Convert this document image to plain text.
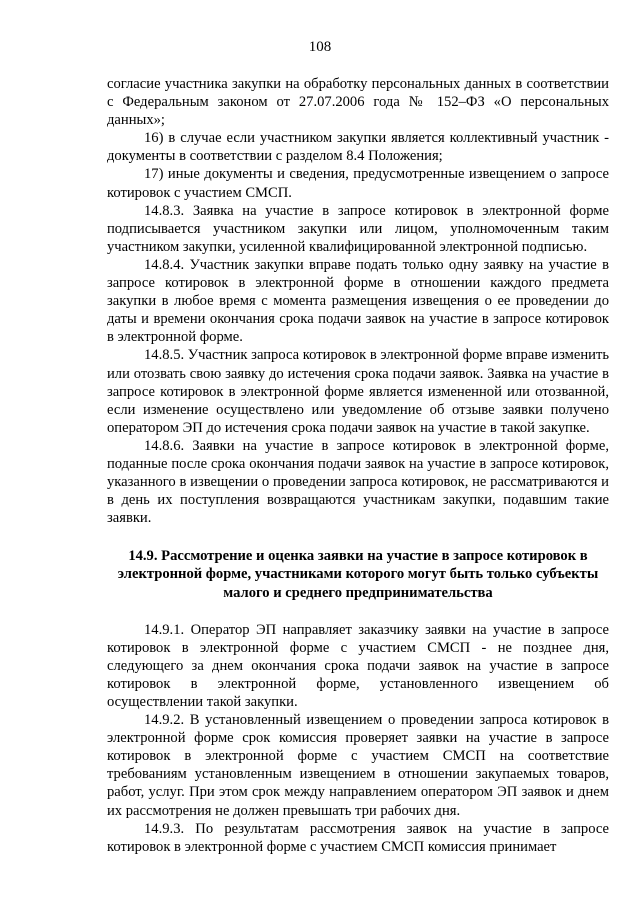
108

согласие участника закупки на обработку персональных данных в соответствии с Федеральным законом от 27.07.2006 года № 152–ФЗ «О персональных данных»;

16) в случае если участником закупки является коллективный участник - документы в соответствии с разделом 8.4 Положения;

17) иные документы и сведения, предусмотренные извещением о запросе котировок с участием СМСП.

14.8.3. Заявка на участие в запросе котировок в электронной форме подписывается участником закупки или лицом, уполномоченным таким участником закупки, усиленной квалифицированной электронной подписью.

14.8.4. Участник закупки вправе подать только одну заявку на участие в запросе котировок в электронной форме в отношении каждого предмета закупки в любое время с момента размещения извещения о ее проведении до даты и времени окончания срока подачи заявок на участие в запросе котировок в электронной форме.

14.8.5. Участник запроса котировок в электронной форме вправе изменить или отозвать свою заявку до истечения срока подачи заявок. Заявка на участие в запросе котировок в электронной форме является измененной или отозванной, если изменение осуществлено или уведомление об отзыве заявки получено оператором ЭП до истечения срока подачи заявок на участие в такой закупке.

14.8.6. Заявки на участие в запросе котировок в электронной форме, поданные после срока окончания подачи заявок на участие в запросе котировок, указанного в извещении о проведении запроса котировок, не рассматриваются и в день их поступления возвращаются участникам закупки, подавшим такие заявки.

14.9. Рассмотрение и оценка заявки на участие в запросе котировок в электронной форме, участниками которого могут быть только субъекты малого и среднего предпринимательства

14.9.1. Оператор ЭП направляет заказчику заявки на участие в запросе котировок в электронной форме с участием СМСП - не позднее дня, следующего за днем окончания срока подачи заявок на участие в запросе котировок в электронной форме, установленного извещением об осуществлении такой закупки.

14.9.2. В установленный извещением о проведении запроса котировок в электронной форме срок комиссия проверяет заявки на участие в запросе котировок в электронной форме с участием СМСП на соответствие требованиям установленным извещением в отношении закупаемых товаров, работ, услуг. При этом срок между направлением оператором ЭП заявок и днем их рассмотрения не должен превышать три рабочих дня.

14.9.3. По результатам рассмотрения заявок на участие в запросе котировок в электронной форме с участием СМСП комиссия принимает
